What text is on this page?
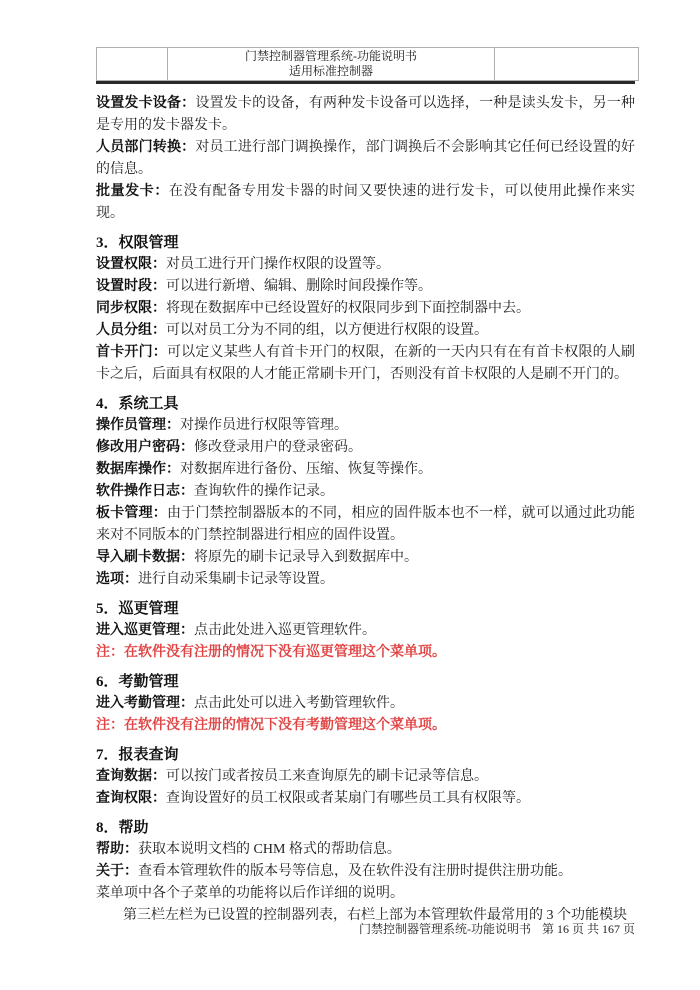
门禁控制器管理系统-功能说明书
适用标准控制器

设置发卡设备：设置发卡的设备，有两种发卡设备可以选择，一种是读头发卡，另一种是专用的发卡器发卡。

人员部门转换：对员工进行部门调换操作，部门调换后不会影响其它任何已经设置的好的信息。

批量发卡：在没有配备专用发卡器的时间又要快速的进行发卡，可以使用此操作来实现。

3．权限管理

设置权限：对员工进行开门操作权限的设置等。

设置时段：可以进行新增、编辑、删除时间段操作等。

同步权限：将现在数据库中已经设置好的权限同步到下面控制器中去。

人员分组：可以对员工分为不同的组，以方便进行权限的设置。

首卡开门：可以定义某些人有首卡开门的权限，在新的一天内只有在有首卡权限的人刷卡之后，后面具有权限的人才能正常刷卡开门，否则没有首卡权限的人是刷不开门的。

4．系统工具

操作员管理：对操作员进行权限等管理。

修改用户密码：修改登录用户的登录密码。

数据库操作：对数据库进行备份、压缩、恢复等操作。

软件操作日志：查询软件的操作记录。

板卡管理：由于门禁控制器版本的不同，相应的固件版本也不一样，就可以通过此功能来对不同版本的门禁控制器进行相应的固件设置。

导入刷卡数据：将原先的刷卡记录导入到数据库中。

选项：进行自动采集刷卡记录等设置。

5．巡更管理

进入巡更管理：点击此处进入巡更管理软件。

注：在软件没有注册的情况下没有巡更管理这个菜单项。

6．考勤管理

进入考勤管理：点击此处可以进入考勤管理软件。

注：在软件没有注册的情况下没有考勤管理这个菜单项。

7．报表查询

查询数据：可以按门或者按员工来查询原先的刷卡记录等信息。

查询权限：查询设置好的员工权限或者某扇门有哪些员工具有权限等。

8．帮助

帮助：获取本说明文档的 CHM 格式的帮助信息。

关于：查看本管理软件的版本号等信息，及在软件没有注册时提供注册功能。

菜单项中各个子菜单的功能将以后作详细的说明。

第三栏左栏为已设置的控制器列表，右栏上部为本管理软件最常用的 3 个功能模块

门禁控制器管理系统-功能说明书 第 16 页 共 167 页
